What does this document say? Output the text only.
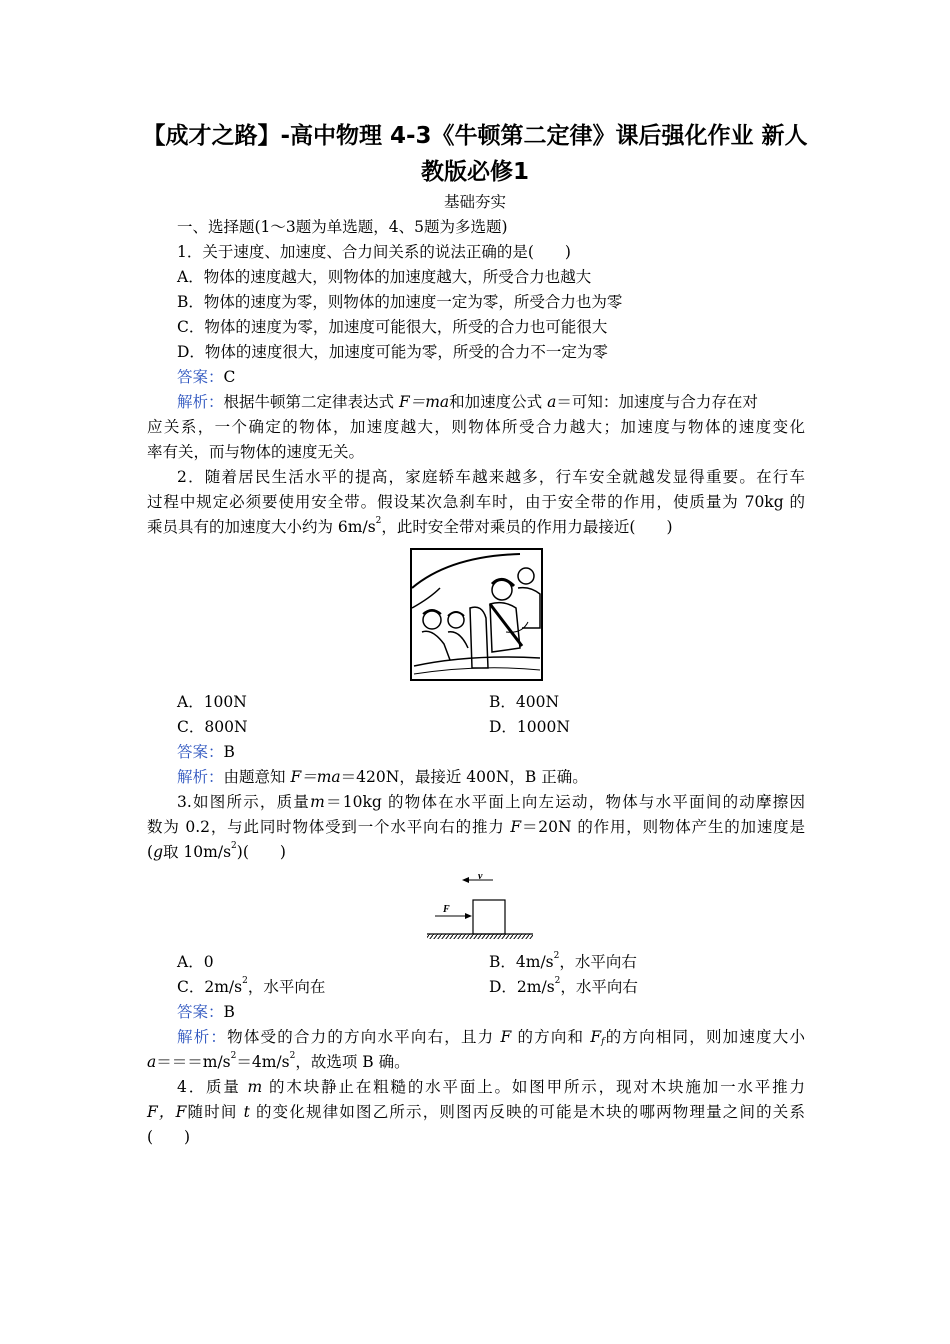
【成才之路】-高中物理 4-3《牛顿第二定律》课后强化作业 新人
教版必修1
基础夯实
一、选择题(1～3题为单选题，4、5题为多选题)
1．关于速度、加速度、合力间关系的说法正确的是(　　)
A．物体的速度越大，则物体的加速度越大，所受合力也越大
B．物体的速度为零，则物体的加速度一定为零，所受合力也为零
C．物体的速度为零，加速度可能很大，所受的合力也可能很大
D．物体的速度很大，加速度可能为零，所受的合力不一定为零
答案：C
解析：根据牛顿第二定律表达式 F＝ma和加速度公式 a＝可知：加速度与合力存在对
应关系，一个确定的物体，加速度越大，则物体所受合力越大；加速度与物体的速度变化
率有关，而与物体的速度无关。
2．随着居民生活水平的提高，家庭轿车越来越多，行车安全就越发显得重要。在行车
过程中规定必须要使用安全带。假设某次急刹车时，由于安全带的作用，使质量为 70kg 的
乘员具有的加速度大小约为 $6m/s^2$，此时安全带对乘员的作用力最接近(　　)
A．100N	B．400N
C．800N	D．1000N
答案：B
解析：由题意知 F＝ma＝420N，最接近 400N，B 正确。
3.如图所示，质量m＝10kg 的物体在水平面上向左运动，物体与水平面间的动摩擦因
数为 0.2，与此同时物体受到一个水平向右的推力 F＝20N 的作用，则物体产生的加速度是
(g取 $10m/s^2$)(　　)
v
F
A．0	B．$4m/s^2$，水平向右
C．$2m/s^2$，水平向在	D．$2m/s^2$，水平向右
答案：B
解析：物体受的合力的方向水平向右，且力 F 的方向和 Ff的方向相同，则加速度大小
$a===m/s^2=4m/s^2$，故选项 B 确。
4．质量 m 的木块静止在粗糙的水平面上。如图甲所示，现对木块施加一水平推力
F，F随时间 t 的变化规律如图乙所示，则图丙反映的可能是木块的哪两物理量之间的关系
(　　)
